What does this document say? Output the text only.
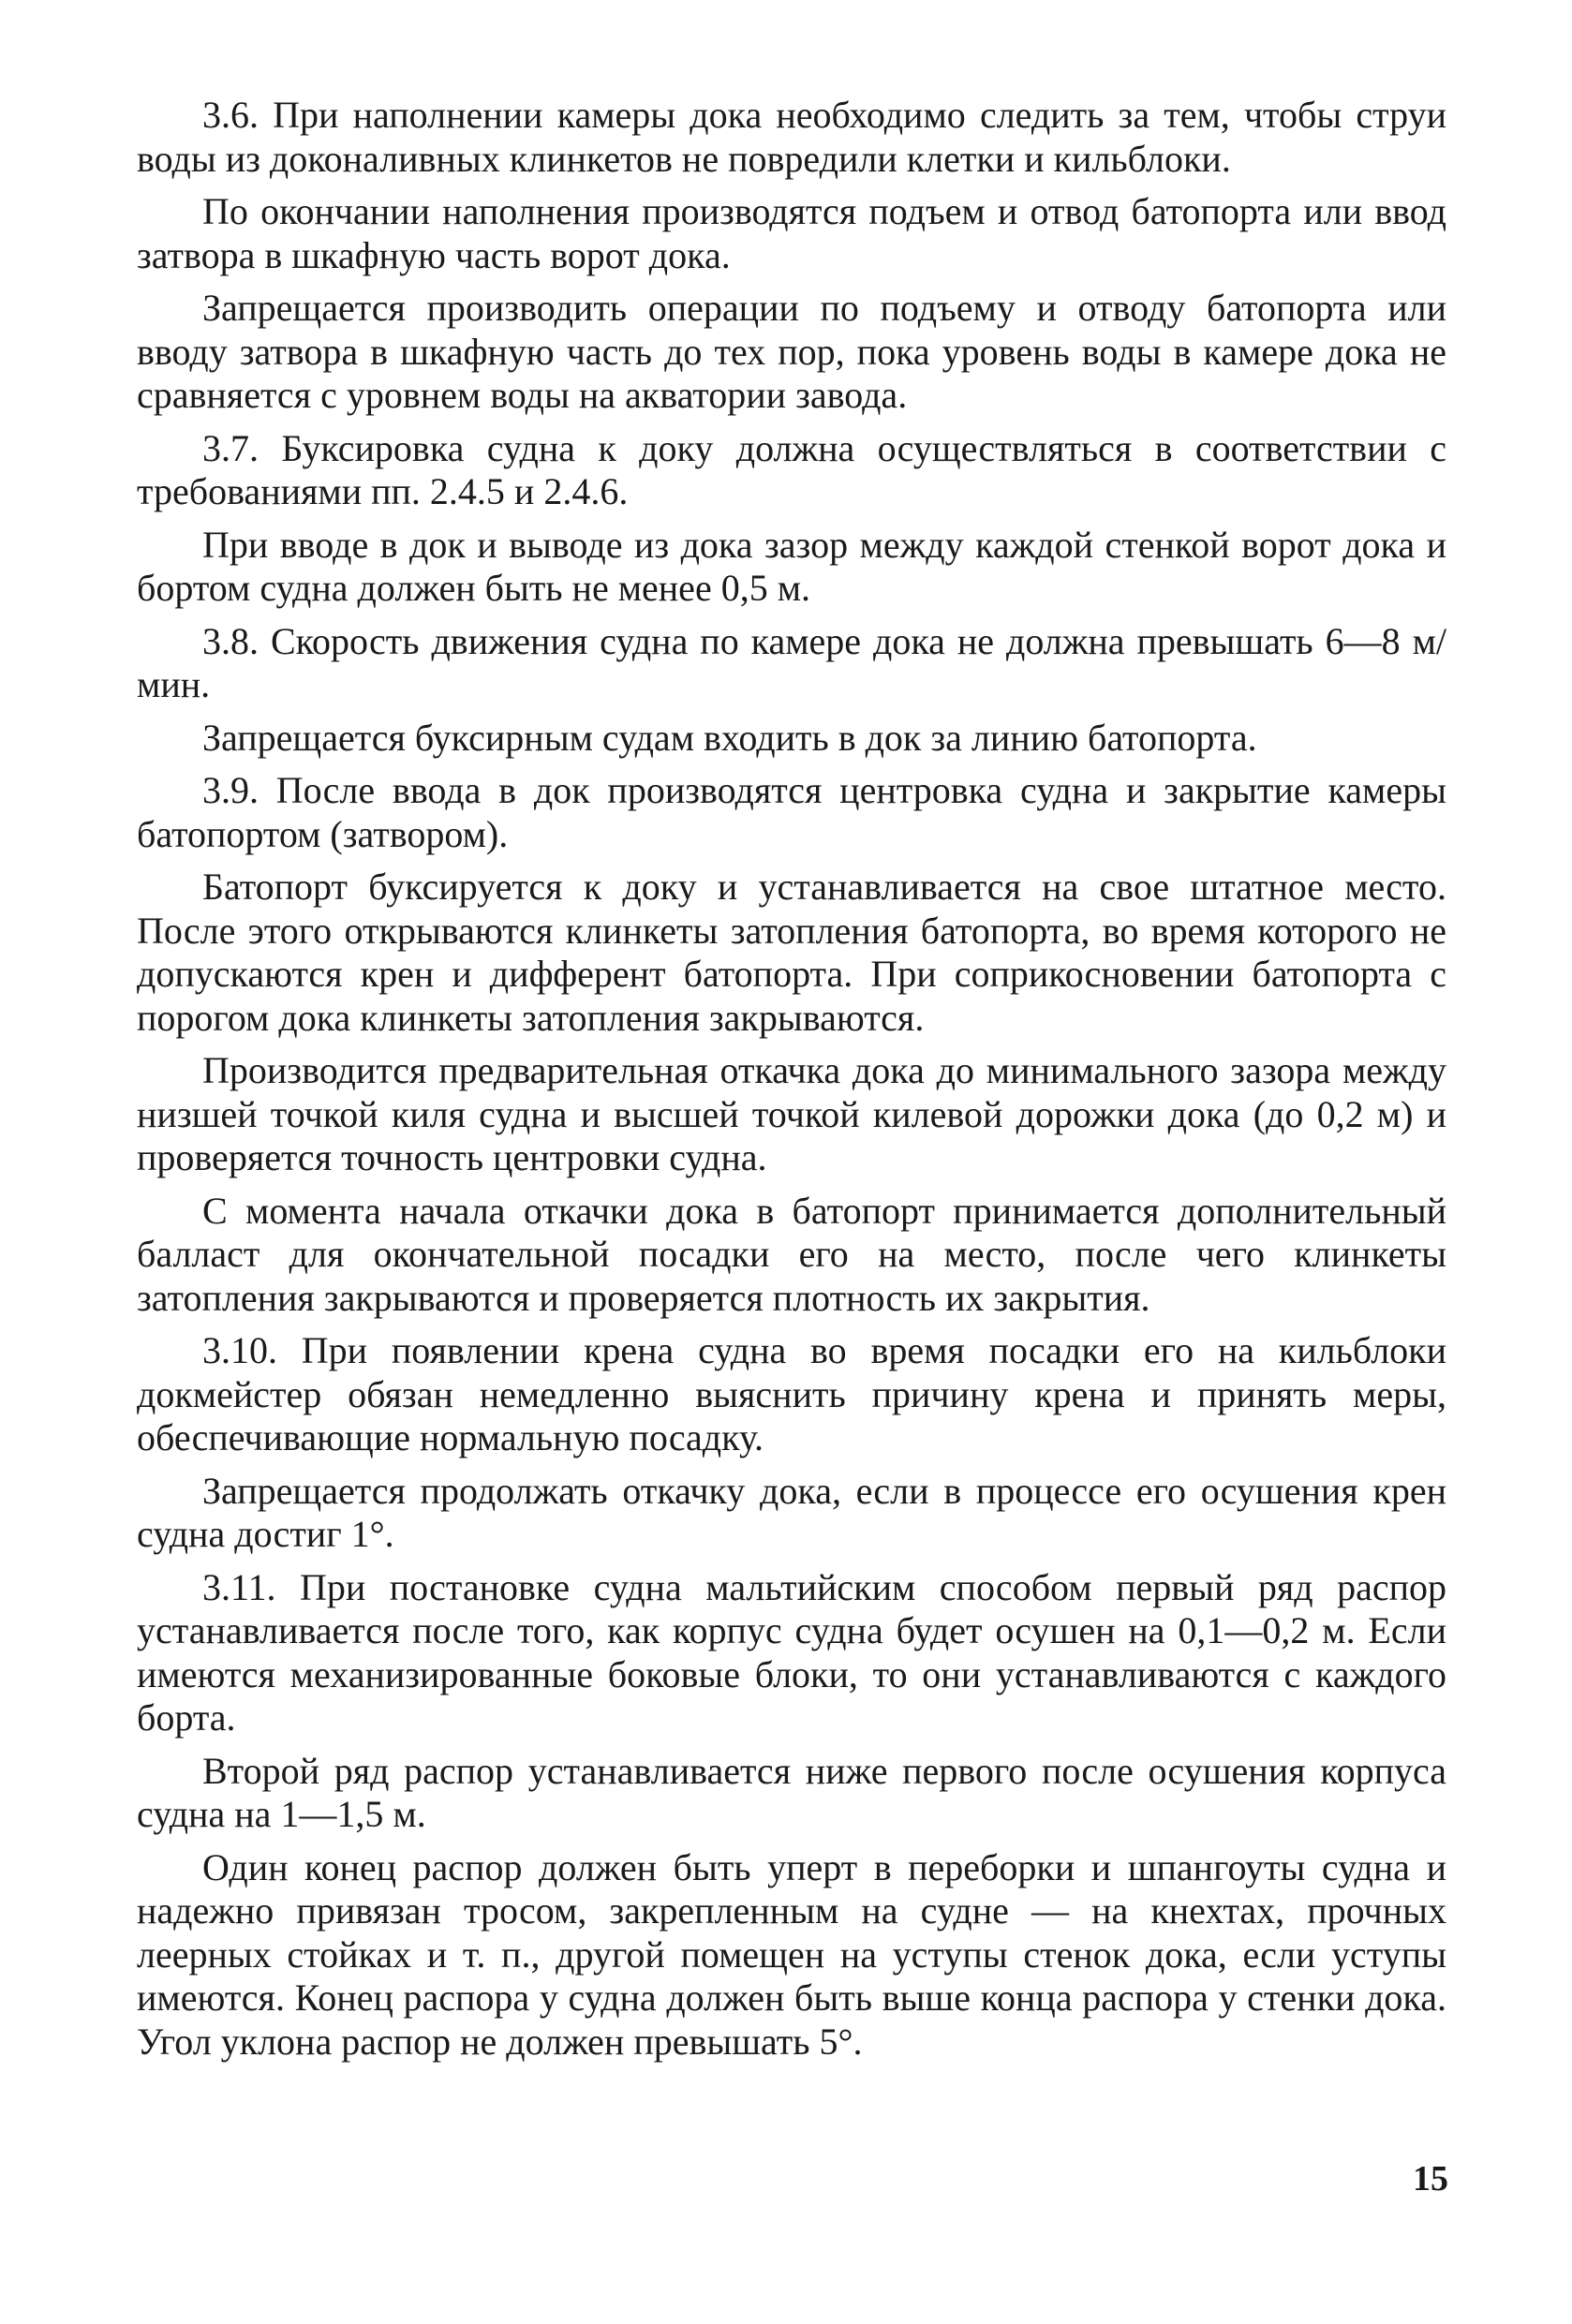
3.6. При наполнении камеры дока необходимо следить за тем, чтобы струи воды из доконаливных клинкетов не повредили клетки и кильблоки.

По окончании наполнения производятся подъем и отвод батопорта или ввод затвора в шкафную часть ворот дока.

Запрещается производить операции по подъему и отводу батопорта или вводу затвора в шкафную часть до тех пор, пока уровень воды в камере дока не сравняется с уровнем воды на акватории завода.

3.7. Буксировка судна к доку должна осуществляться в соответствии с требованиями пп. 2.4.5 и 2.4.6.

При вводе в док и выводе из дока зазор между каждой стенкой ворот дока и бортом судна должен быть не менее 0,5 м.

3.8. Скорость движения судна по камере дока не должна превышать 6—8 м/мин.

Запрещается буксирным судам входить в док за линию батопорта.

3.9. После ввода в док производятся центровка судна и закрытие камеры батопортом (затвором).

Батопорт буксируется к доку и устанавливается на свое штатное место. После этого открываются клинкеты затопления батопорта, во время которого не допускаются крен и дифферент батопорта. При соприкосновении батопорта с порогом дока клинкеты затопления закрываются.

Производится предварительная откачка дока до минимального зазора между низшей точкой киля судна и высшей точкой килевой дорожки дока (до 0,2 м) и проверяется точность центровки судна.

С момента начала откачки дока в батопорт принимается дополнительный балласт для окончательной посадки его на место, после чего клинкеты затопления закрываются и проверяется плотность их закрытия.

3.10. При появлении крена судна во время посадки его на кильблоки докмейстер обязан немедленно выяснить причину крена и принять меры, обеспечивающие нормальную посадку.

Запрещается продолжать откачку дока, если в процессе его осушения крен судна достиг 1°.

3.11. При постановке судна мальтийским способом первый ряд распор устанавливается после того, как корпус судна будет осушен на 0,1—0,2 м. Если имеются механизированные боковые блоки, то они устанавливаются с каждого борта.

Второй ряд распор устанавливается ниже первого после осушения корпуса судна на 1—1,5 м.

Один конец распор должен быть уперт в переборки и шпангоуты судна и надежно привязан тросом, закрепленным на судне — на кнехтах, прочных леерных стойках и т. п., другой помещен на уступы стенок дока, если уступы имеются. Конец распора у судна должен быть выше конца распора у стенки дока. Угол уклона распор не должен превышать 5°.

15
